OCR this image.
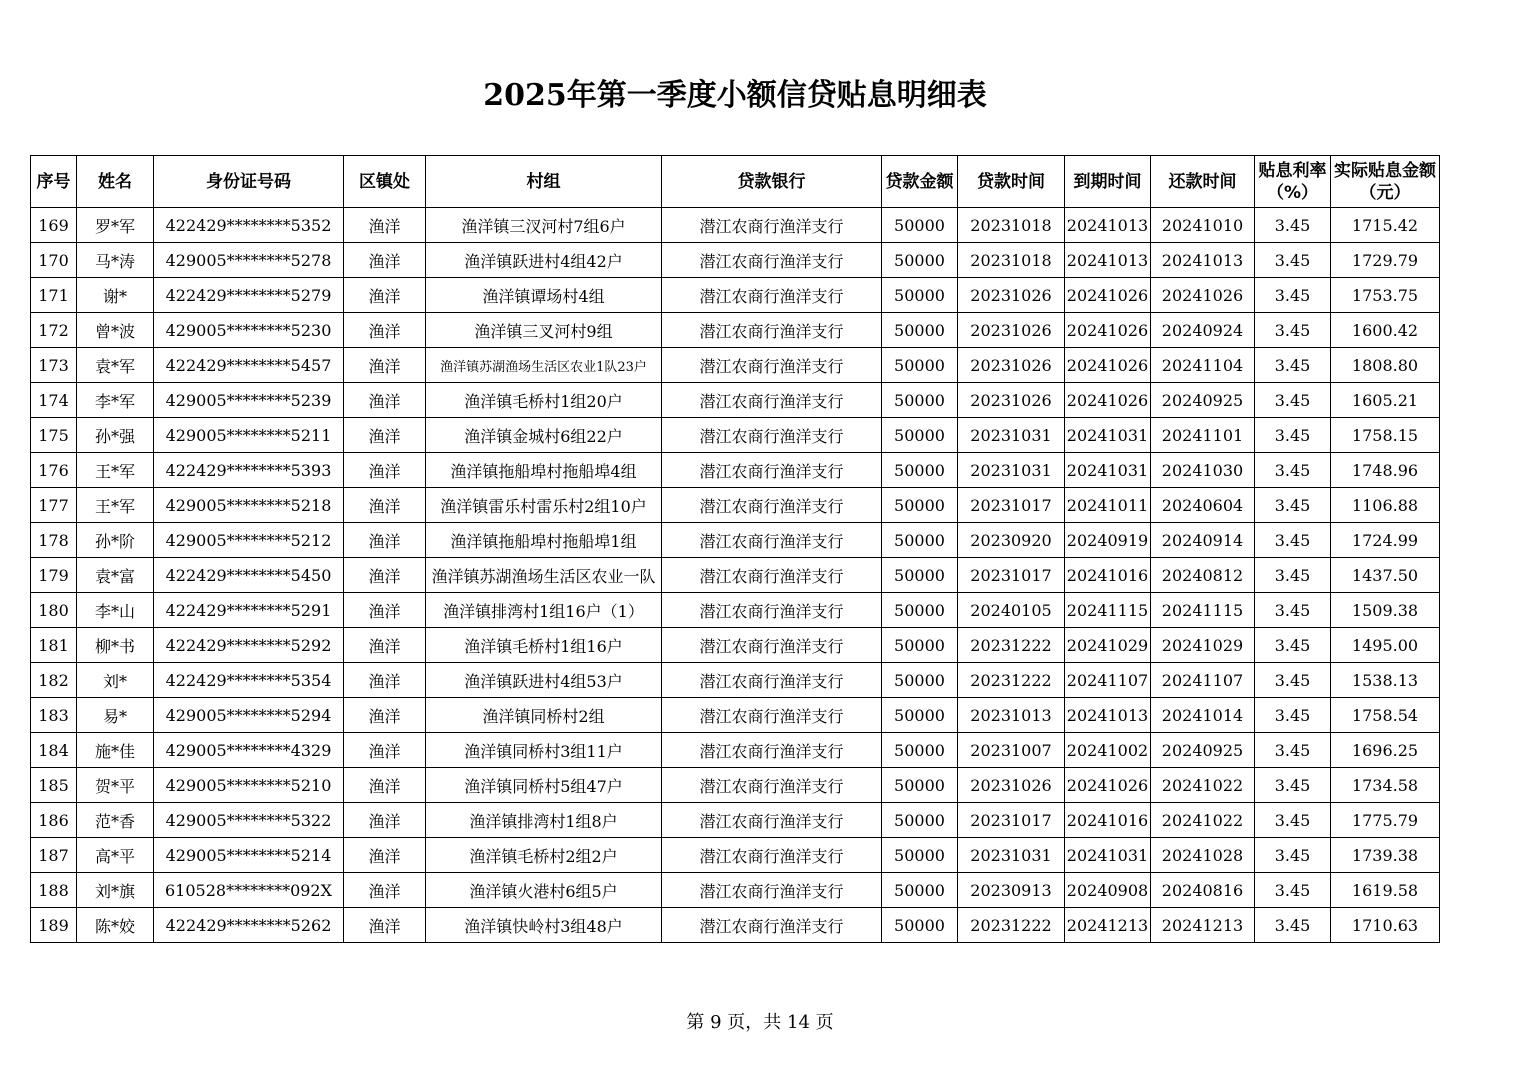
2025年第一季度小额信贷贴息明细表
序号	姓名	身份证号码	区镇处	村组	贷款银行	贷款金额	贷款时间	到期时间	还款时间	贴息利率（%）	实际贴息金额（元）
169	罗*军	422429********5352	渔洋	渔洋镇三汊河村7组6户	潜江农商行渔洋支行	50000	20231018	20241013	20241010	3.45	1715.42
170	马*涛	429005********5278	渔洋	渔洋镇跃进村4组42户	潜江农商行渔洋支行	50000	20231018	20241013	20241013	3.45	1729.79
171	谢*	422429********5279	渔洋	渔洋镇谭场村4组	潜江农商行渔洋支行	50000	20231026	20241026	20241026	3.45	1753.75
172	曾*波	429005********5230	渔洋	渔洋镇三叉河村9组	潜江农商行渔洋支行	50000	20231026	20241026	20240924	3.45	1600.42
173	袁*军	422429********5457	渔洋	渔洋镇苏湖渔场生活区农业1队23户	潜江农商行渔洋支行	50000	20231026	20241026	20241104	3.45	1808.80
174	李*军	429005********5239	渔洋	渔洋镇毛桥村1组20户	潜江农商行渔洋支行	50000	20231026	20241026	20240925	3.45	1605.21
175	孙*强	429005********5211	渔洋	渔洋镇金城村6组22户	潜江农商行渔洋支行	50000	20231031	20241031	20241101	3.45	1758.15
176	王*军	422429********5393	渔洋	渔洋镇拖船埠村拖船埠4组	潜江农商行渔洋支行	50000	20231031	20241031	20241030	3.45	1748.96
177	王*军	429005********5218	渔洋	渔洋镇雷乐村雷乐村2组10户	潜江农商行渔洋支行	50000	20231017	20241011	20240604	3.45	1106.88
178	孙*阶	429005********5212	渔洋	渔洋镇拖船埠村拖船埠1组	潜江农商行渔洋支行	50000	20230920	20240919	20240914	3.45	1724.99
179	袁*富	422429********5450	渔洋	渔洋镇苏湖渔场生活区农业一队	潜江农商行渔洋支行	50000	20231017	20241016	20240812	3.45	1437.50
180	李*山	422429********5291	渔洋	渔洋镇排湾村1组16户（1）	潜江农商行渔洋支行	50000	20240105	20241115	20241115	3.45	1509.38
181	柳*书	422429********5292	渔洋	渔洋镇毛桥村1组16户	潜江农商行渔洋支行	50000	20231222	20241029	20241029	3.45	1495.00
182	刘*	422429********5354	渔洋	渔洋镇跃进村4组53户	潜江农商行渔洋支行	50000	20231222	20241107	20241107	3.45	1538.13
183	易*	429005********5294	渔洋	渔洋镇同桥村2组	潜江农商行渔洋支行	50000	20231013	20241013	20241014	3.45	1758.54
184	施*佳	429005********4329	渔洋	渔洋镇同桥村3组11户	潜江农商行渔洋支行	50000	20231007	20241002	20240925	3.45	1696.25
185	贺*平	429005********5210	渔洋	渔洋镇同桥村5组47户	潜江农商行渔洋支行	50000	20231026	20241026	20241022	3.45	1734.58
186	范*香	429005********5322	渔洋	渔洋镇排湾村1组8户	潜江农商行渔洋支行	50000	20231017	20241016	20241022	3.45	1775.79
187	高*平	429005********5214	渔洋	渔洋镇毛桥村2组2户	潜江农商行渔洋支行	50000	20231031	20241031	20241028	3.45	1739.38
188	刘*旗	610528********092X	渔洋	渔洋镇火港村6组5户	潜江农商行渔洋支行	50000	20230913	20240908	20240816	3.45	1619.58
189	陈*姣	422429********5262	渔洋	渔洋镇快岭村3组48户	潜江农商行渔洋支行	50000	20231222	20241213	20241213	3.45	1710.63
第 9 页，共 14 页
